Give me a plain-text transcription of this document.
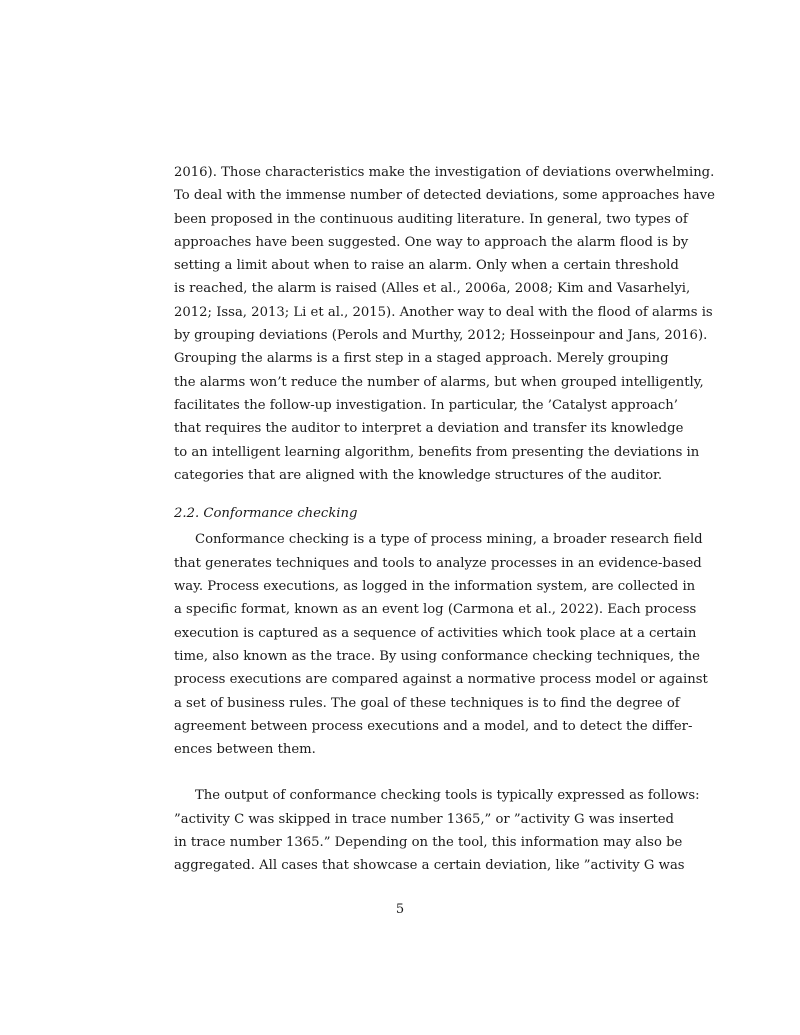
2016). Those characteristics make the investigation of deviations overwhelming.
To deal with the immense number of detected deviations, some approaches have
been proposed in the continuous auditing literature. In general, two types of
approaches have been suggested. One way to approach the alarm flood is by
setting a limit about when to raise an alarm. Only when a certain threshold
is reached, the alarm is raised (Alles et al., 2006a, 2008; Kim and Vasarhelyi,
2012; Issa, 2013; Li et al., 2015). Another way to deal with the flood of alarms is
by grouping deviations (Perols and Murthy, 2012; Hosseinpour and Jans, 2016).
Grouping the alarms is a first step in a staged approach. Merely grouping
the alarms won’t reduce the number of alarms, but when grouped intelligently,
facilitates the follow-up investigation. In particular, the ’Catalyst approach’
that requires the auditor to interpret a deviation and transfer its knowledge
to an intelligent learning algorithm, benefits from presenting the deviations in
categories that are aligned with the knowledge structures of the auditor.
2.2. Conformance checking
Conformance checking is a type of process mining, a broader research field
that generates techniques and tools to analyze processes in an evidence-based
way. Process executions, as logged in the information system, are collected in
a specific format, known as an event log (Carmona et al., 2022). Each process
execution is captured as a sequence of activities which took place at a certain
time, also known as the trace. By using conformance checking techniques, the
process executions are compared against a normative process model or against
a set of business rules. The goal of these techniques is to find the degree of
agreement between process executions and a model, and to detect the differ-
ences between them.
The output of conformance checking tools is typically expressed as follows:
”activity C was skipped in trace number 1365,” or ”activity G was inserted
in trace number 1365.” Depending on the tool, this information may also be
aggregated. All cases that showcase a certain deviation, like ”activity G was
5
